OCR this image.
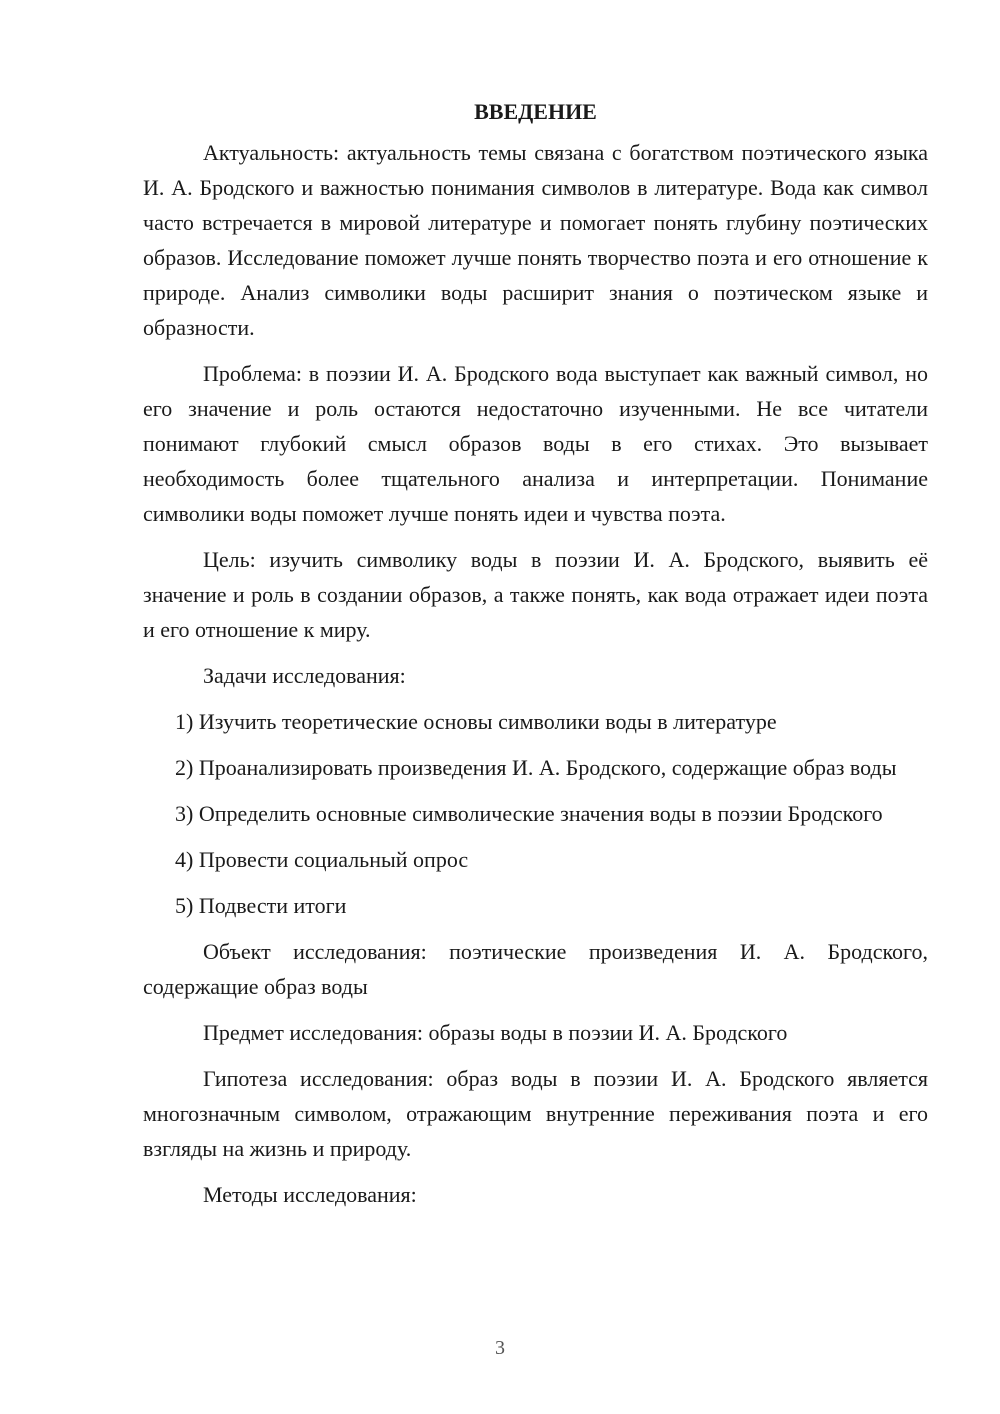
ВВЕДЕНИЕ

Актуальность: актуальность темы связана с богатством поэтического языка И. А. Бродского и важностью понимания символов в литературе. Вода как символ часто встречается в мировой литературе и помогает понять глубину поэтических образов. Исследование поможет лучше понять творчество поэта и его отношение к природе. Анализ символики воды расширит знания о поэтическом языке и образности.

Проблема: в поэзии И. А. Бродского вода выступает как важный символ, но его значение и роль остаются недостаточно изученными. Не все читатели понимают глубокий смысл образов воды в его стихах. Это вызывает необходимость более тщательного анализа и интерпретации. Понимание символики воды поможет лучше понять идеи и чувства поэта.

Цель: изучить символику воды в поэзии И. А. Бродского, выявить её значение и роль в создании образов, а также понять, как вода отражает идеи поэта и его отношение к миру.

Задачи исследования:

1) Изучить теоретические основы символики воды в литературе

2) Проанализировать произведения И. А. Бродского, содержащие образ воды

3) Определить основные символические значения воды в поэзии Бродского

4) Провести социальный опрос

5) Подвести итоги

Объект исследования: поэтические произведения И. А. Бродского, содержащие образ воды

Предмет исследования: образы воды в поэзии И. А. Бродского

Гипотеза исследования: образ воды в поэзии И. А. Бродского является многозначным символом, отражающим внутренние переживания поэта и его взгляды на жизнь и природу.

Методы исследования:

3
